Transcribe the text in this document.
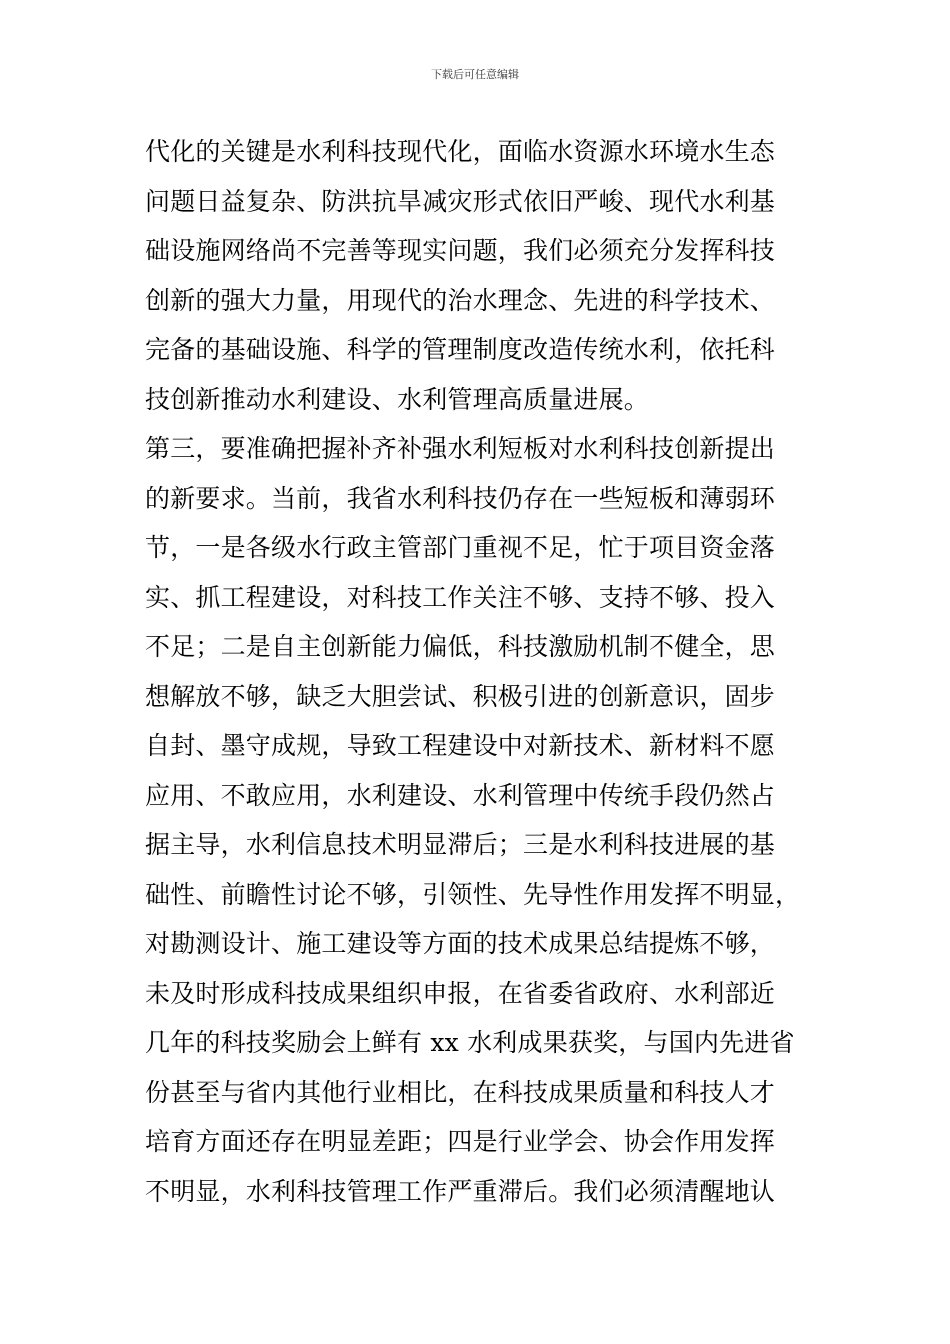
下载后可任意编辑
代化的关键是水利科技现代化，面临水资源水环境水生态
问题日益复杂、防洪抗旱减灾形式依旧严峻、现代水利基
础设施网络尚不完善等现实问题，我们必须充分发挥科技
创新的强大力量，用现代的治水理念、先进的科学技术、
完备的基础设施、科学的管理制度改造传统水利，依托科
技创新推动水利建设、水利管理高质量进展。
第三，要准确把握补齐补强水利短板对水利科技创新提出
的新要求。当前，我省水利科技仍存在一些短板和薄弱环
节，一是各级水行政主管部门重视不足，忙于项目资金落
实、抓工程建设，对科技工作关注不够、支持不够、投入
不足；二是自主创新能力偏低，科技激励机制不健全，思
想解放不够，缺乏大胆尝试、积极引进的创新意识，固步
自封、墨守成规，导致工程建设中对新技术、新材料不愿
应用、不敢应用，水利建设、水利管理中传统手段仍然占
据主导，水利信息技术明显滞后；三是水利科技进展的基
础性、前瞻性讨论不够，引领性、先导性作用发挥不明显，
对勘测设计、施工建设等方面的技术成果总结提炼不够，
未及时形成科技成果组织申报，在省委省政府、水利部近
几年的科技奖励会上鲜有 xx 水利成果获奖，与国内先进省
份甚至与省内其他行业相比，在科技成果质量和科技人才
培育方面还存在明显差距；四是行业学会、协会作用发挥
不明显，水利科技管理工作严重滞后。我们必须清醒地认
